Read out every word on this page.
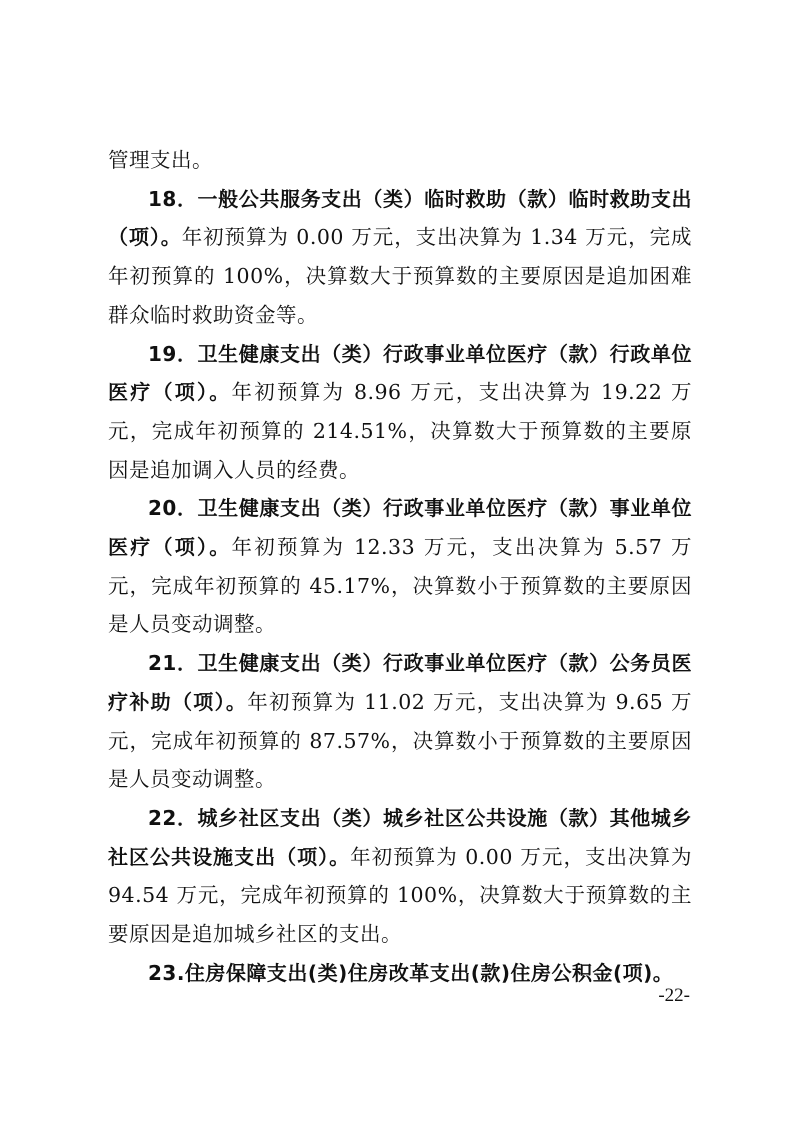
管理支出。

18．一般公共服务支出（类）临时救助（款）临时救助支出（项）。年初预算为 0.00 万元，支出决算为 1.34 万元，完成年初预算的 100%，决算数大于预算数的主要原因是追加困难群众临时救助资金等。

19．卫生健康支出（类）行政事业单位医疗（款）行政单位医疗（项）。年初预算为 8.96 万元，支出决算为 19.22 万元，完成年初预算的 214.51%，决算数大于预算数的主要原因是追加调入人员的经费。

20．卫生健康支出（类）行政事业单位医疗（款）事业单位医疗（项）。年初预算为 12.33 万元，支出决算为 5.57 万元，完成年初预算的 45.17%，决算数小于预算数的主要原因是人员变动调整。

21．卫生健康支出（类）行政事业单位医疗（款）公务员医疗补助（项）。年初预算为 11.02 万元，支出决算为 9.65 万元，完成年初预算的 87.57%，决算数小于预算数的主要原因是人员变动调整。

22．城乡社区支出（类）城乡社区公共设施（款）其他城乡社区公共设施支出（项）。年初预算为 0.00 万元，支出决算为 94.54 万元，完成年初预算的 100%，决算数大于预算数的主要原因是追加城乡社区的支出。

23.住房保障支出(类)住房改革支出(款)住房公积金(项)。

-22-
